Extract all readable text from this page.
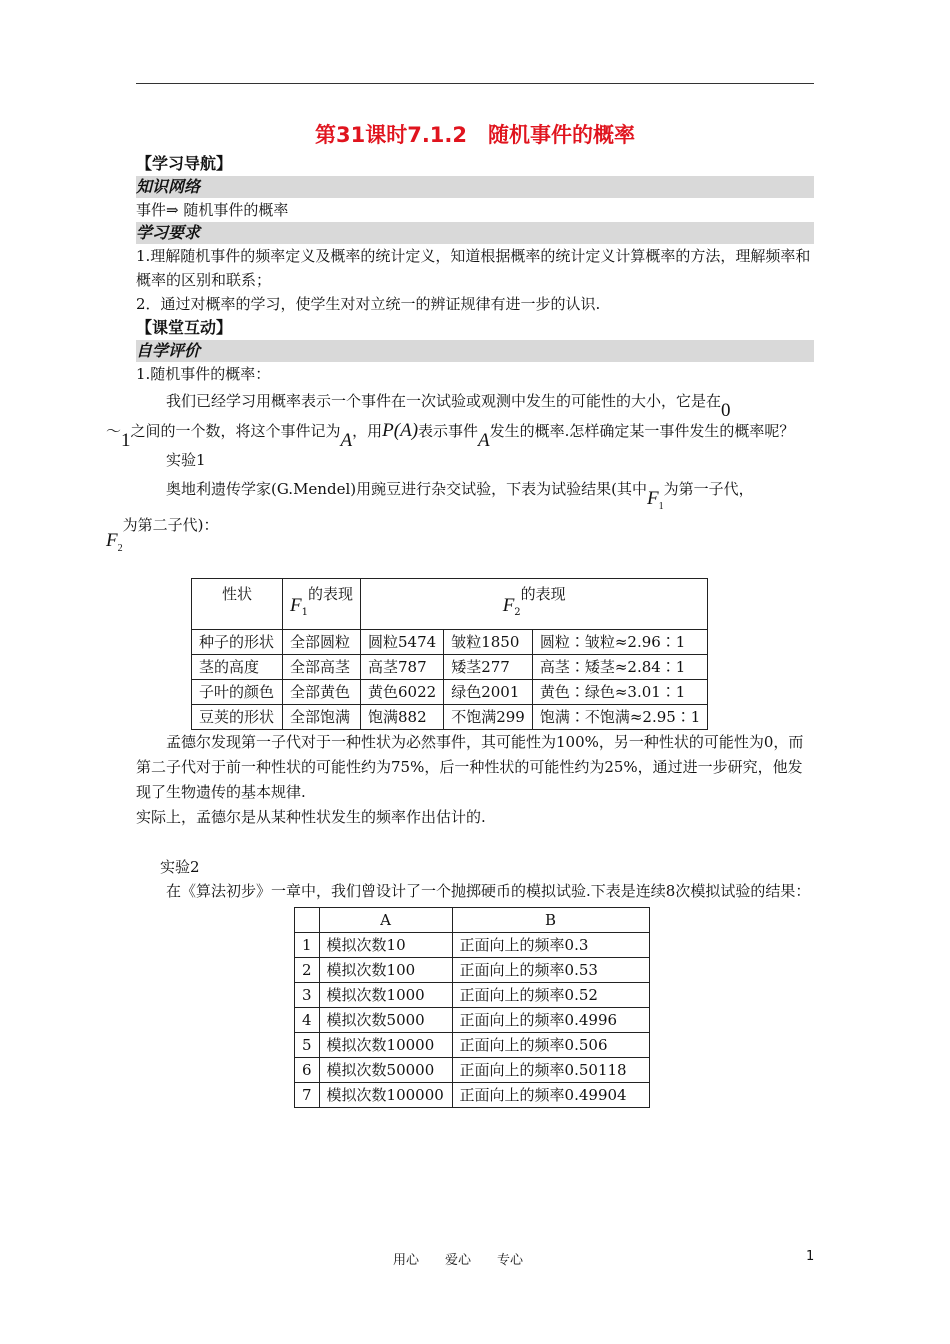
第31课时7.1.2　随机事件的概率
【学习导航】
知识网络

事件⇒ 随机事件的概率

学习要求

1.理解随机事件的频率定义及概率的统计定义，知道根据概率的统计定义计算概率的方法，理解频率和概率的区别和联系；

2．通过对概率的学习，使学生对对立统一的辨证规律有进一步的认识.

【课堂互动】
自学评价

1.随机事件的概率：

我们已经学习用概率表示一个事件在一次试验或观测中发生的可能性的大小，它是在0
～1之间的一个数，将这个事件记为A，用P(A)表示事件A发生的概率.怎样确定某一事件发生的概率呢？

实验1

奥地利遗传学家(G.Mendel)用豌豆进行杂交试验，下表为试验结果(其中$F_1$为第一子代，
$F_2$为第二子代)：

性状	$F_1$的表现	$F_2$的表现		
种子的形状	全部圆粒	圆粒5474	皱粒1850	圆粒∶皱粒≈2.96∶1
茎的高度	全部高茎	高茎787	矮茎277	高茎∶矮茎≈2.84∶1
子叶的颜色	全部黄色	黄色6022	绿色2001	黄色∶绿色≈3.01∶1
豆荚的形状	全部饱满	饱满882	不饱满299	饱满∶不饱满≈2.95∶1

孟德尔发现第一子代对于一种性状为必然事件，其可能性为100%，另一种性状的可能性为0，而第二子代对于前一种性状的可能性约为75%，后一种性状的可能性约为25%，通过进一步研究，他发现了生物遗传的基本规律.

实际上，孟德尔是从某种性状发生的频率作出估计的.

实验2

在《算法初步》一章中，我们曾设计了一个抛掷硬币的模拟试验.下表是连续8次模拟试验的结果：

	A	B
1	模拟次数10	正面向上的频率0.3
2	模拟次数100	正面向上的频率0.53
3	模拟次数1000	正面向上的频率0.52
4	模拟次数5000	正面向上的频率0.4996
5	模拟次数10000	正面向上的频率0.506
6	模拟次数50000	正面向上的频率0.50118
7	模拟次数100000	正面向上的频率0.49904
用心　　爱心　　专心	1
